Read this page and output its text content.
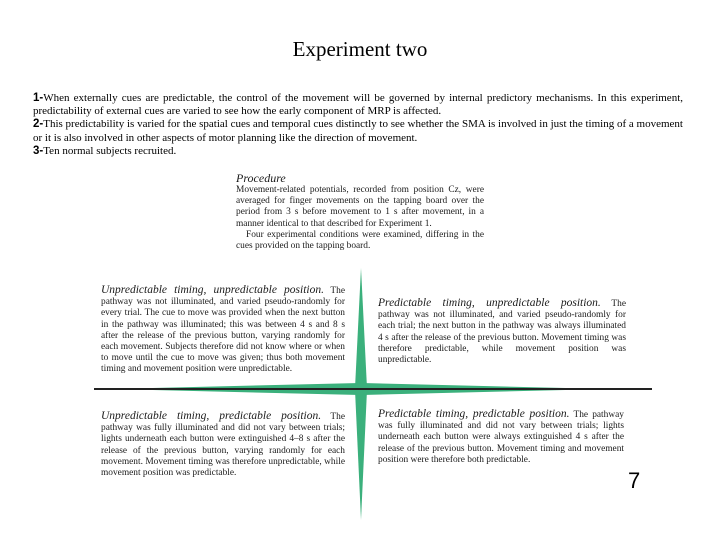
Experiment two

1-When externally cues are predictable, the control of the movement will be governed by internal predictory mechanisms. In this experiment, predictability of external cues are varied to see how the early component of MRP is affected.

2-This predictability is varied for the spatial cues and temporal cues distinctly to see whether the SMA is involved in just the timing of a movement or it is also involved in other aspects of motor planning like the direction of movement.

3-Ten normal subjects recruited.

Procedure
Movement-related potentials, recorded from position Cz, were averaged for finger movements on the tapping board over the period from 3 s before movement to 1 s after movement, in a manner identical to that described for Experiment 1.
Four experimental conditions were examined, differing in the cues provided on the tapping board.
Unpredictable timing, unpredictable position. The pathway was not illuminated, and varied pseudo-randomly for every trial. The cue to move was provided when the next button in the pathway was illuminated; this was between 4 s and 8 s after the release of the previous button, varying randomly for each movement. Subjects therefore did not know where or when to move until the cue to move was given; thus both movement timing and movement position were unpredictable.
Predictable timing, unpredictable position. The pathway was not illuminated, and varied pseudo-randomly for each trial; the next button in the pathway was always illuminated 4 s after the release of the previous button. Movement timing was therefore predictable, while movement position was unpredictable.
Unpredictable timing, predictable position. The pathway was fully illuminated and did not vary between trials; lights underneath each button were extinguished 4–8 s after the release of the previous button, varying randomly for each movement. Movement timing was therefore unpredictable, while movement position was predictable.
Predictable timing, predictable position. The pathway was fully illuminated and did not vary between trials; lights underneath each button were always extinguished 4 s after the release of the previous button. Movement timing and movement position were therefore both predictable.
7
